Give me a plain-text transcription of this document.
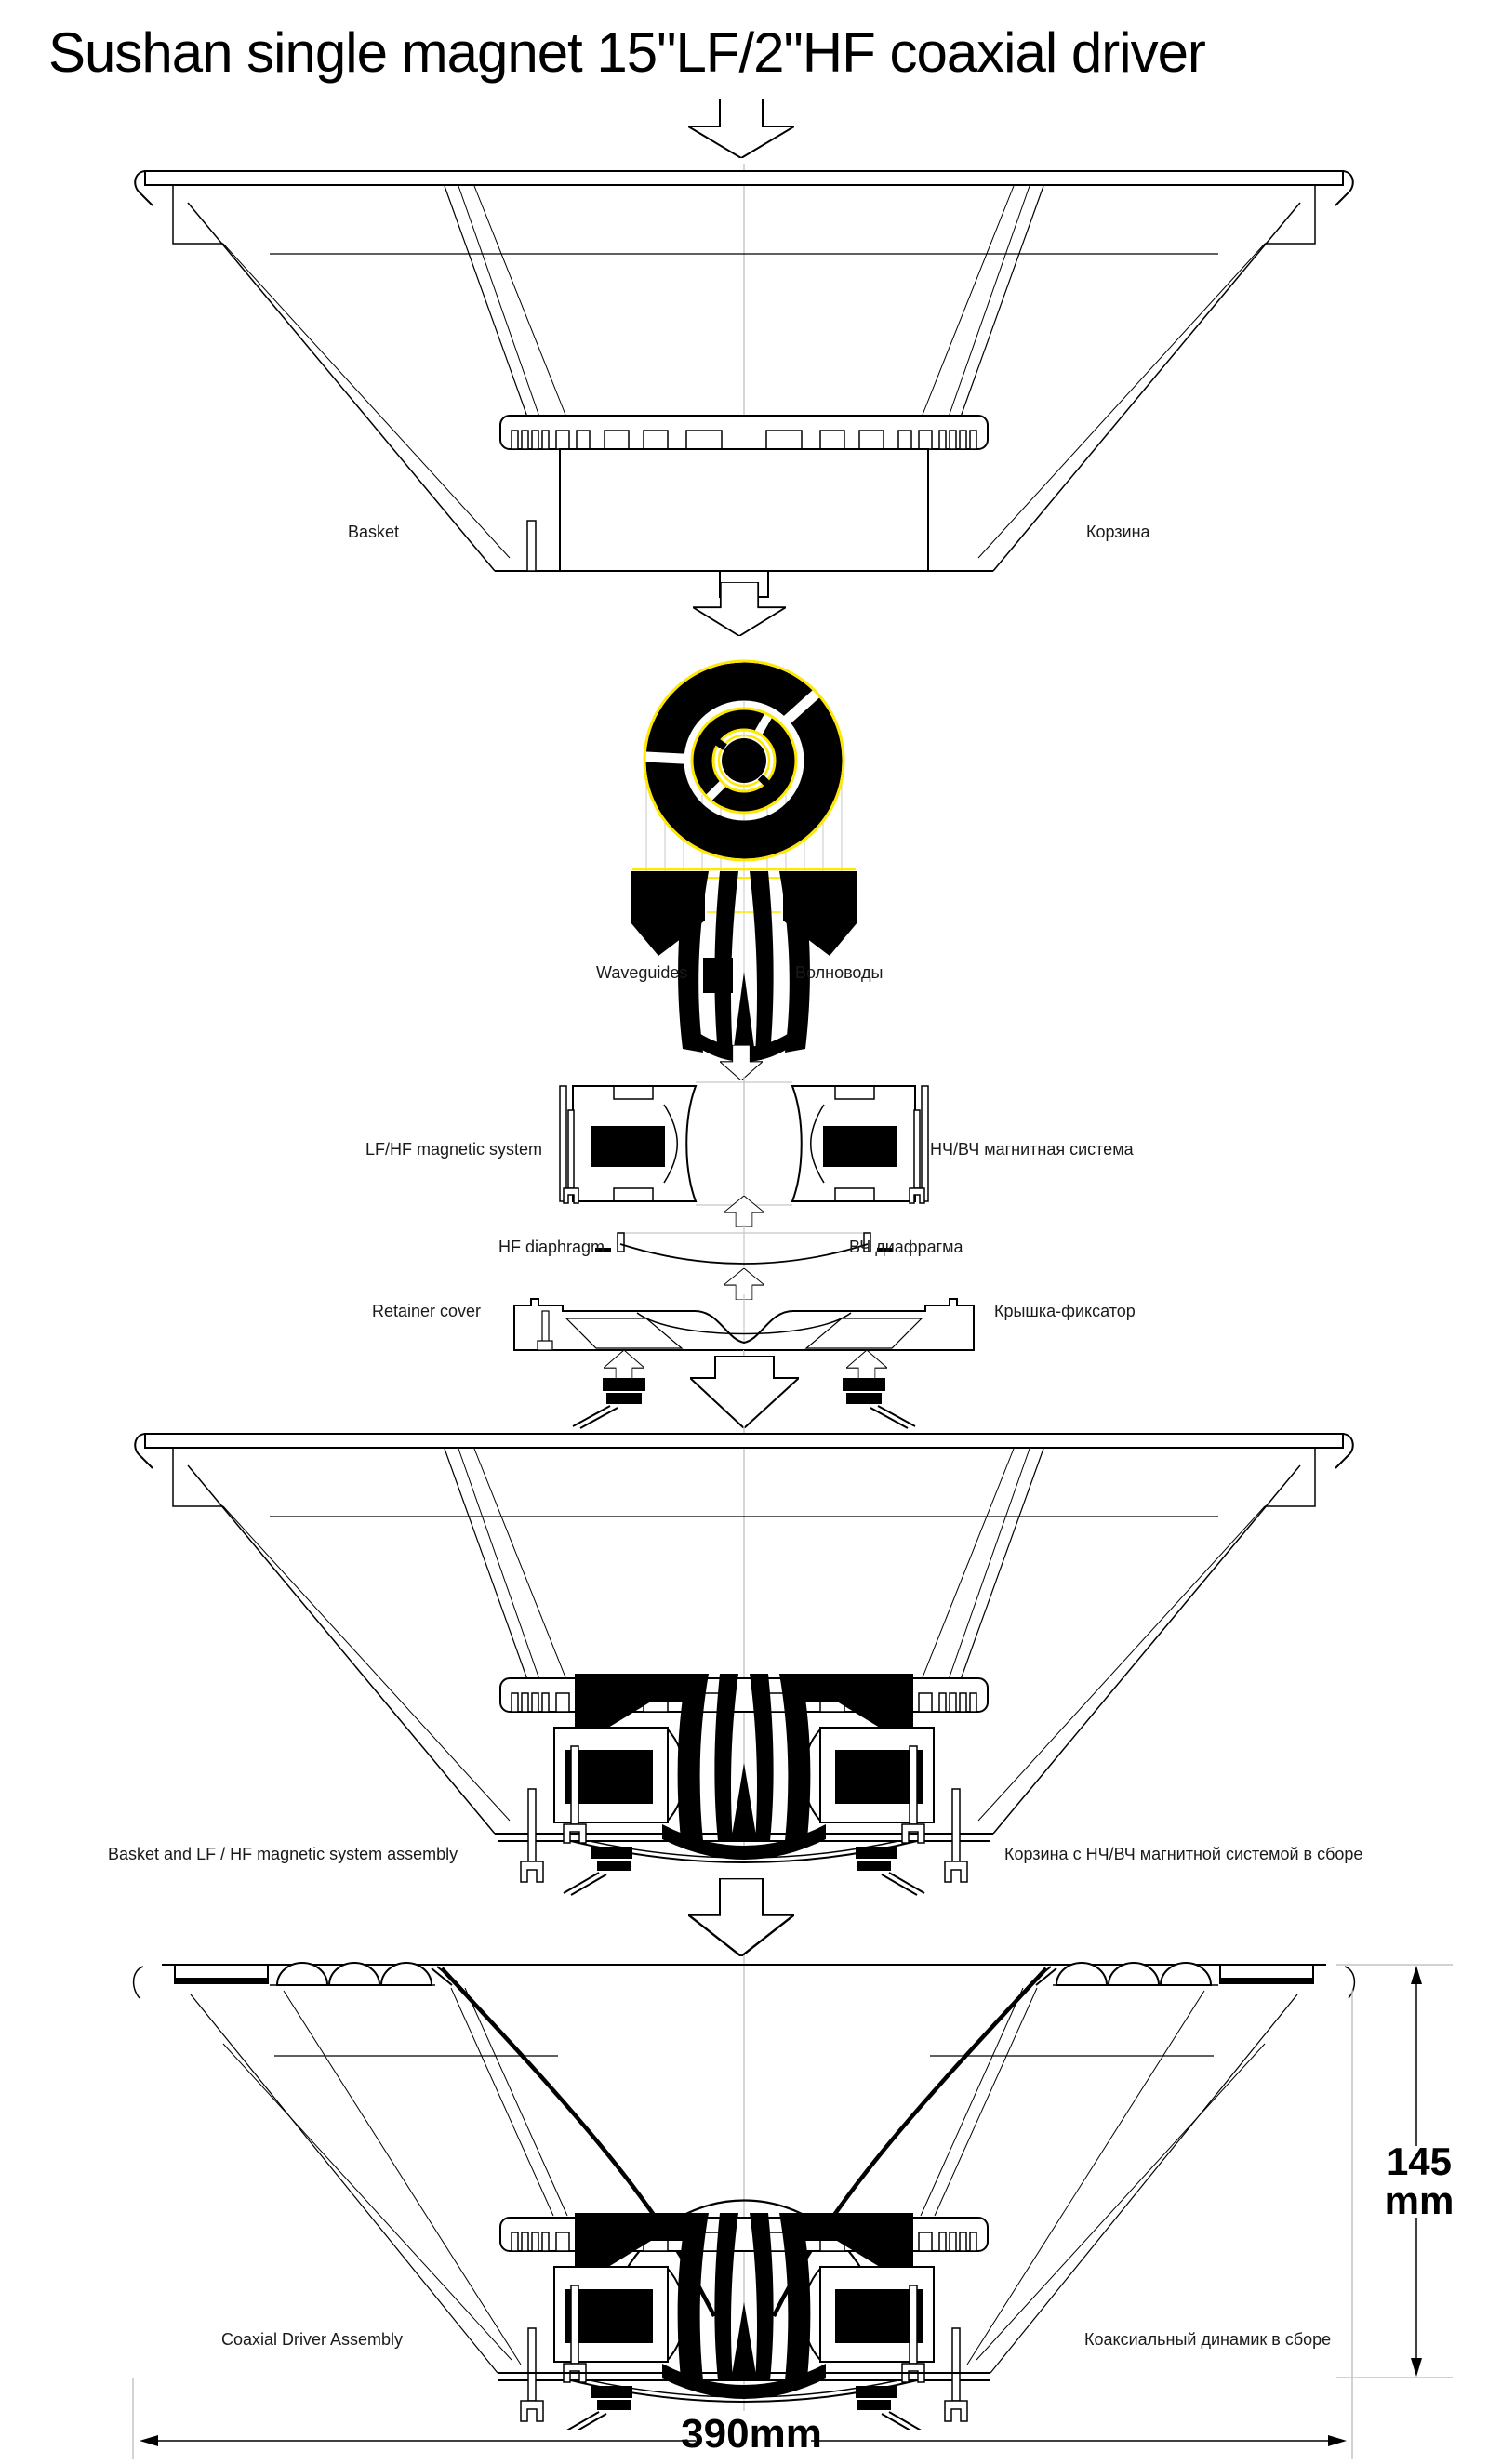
Sushan single magnet 15"LF/2"HF coaxial driver
Basket	Корзина
Waveguides	Волноводы
LF/HF magnetic system	НЧ/ВЧ магнитная система
HF diaphragm	ВЧ диафрагма
Retainer cover	Крышка-фиксатор
Basket and LF / HF magnetic system assembly	Корзина с НЧ/ВЧ магнитной системой в сборе
Coaxial Driver Assembly	Коаксиальный динамик в сборе
145
mm
390mm
